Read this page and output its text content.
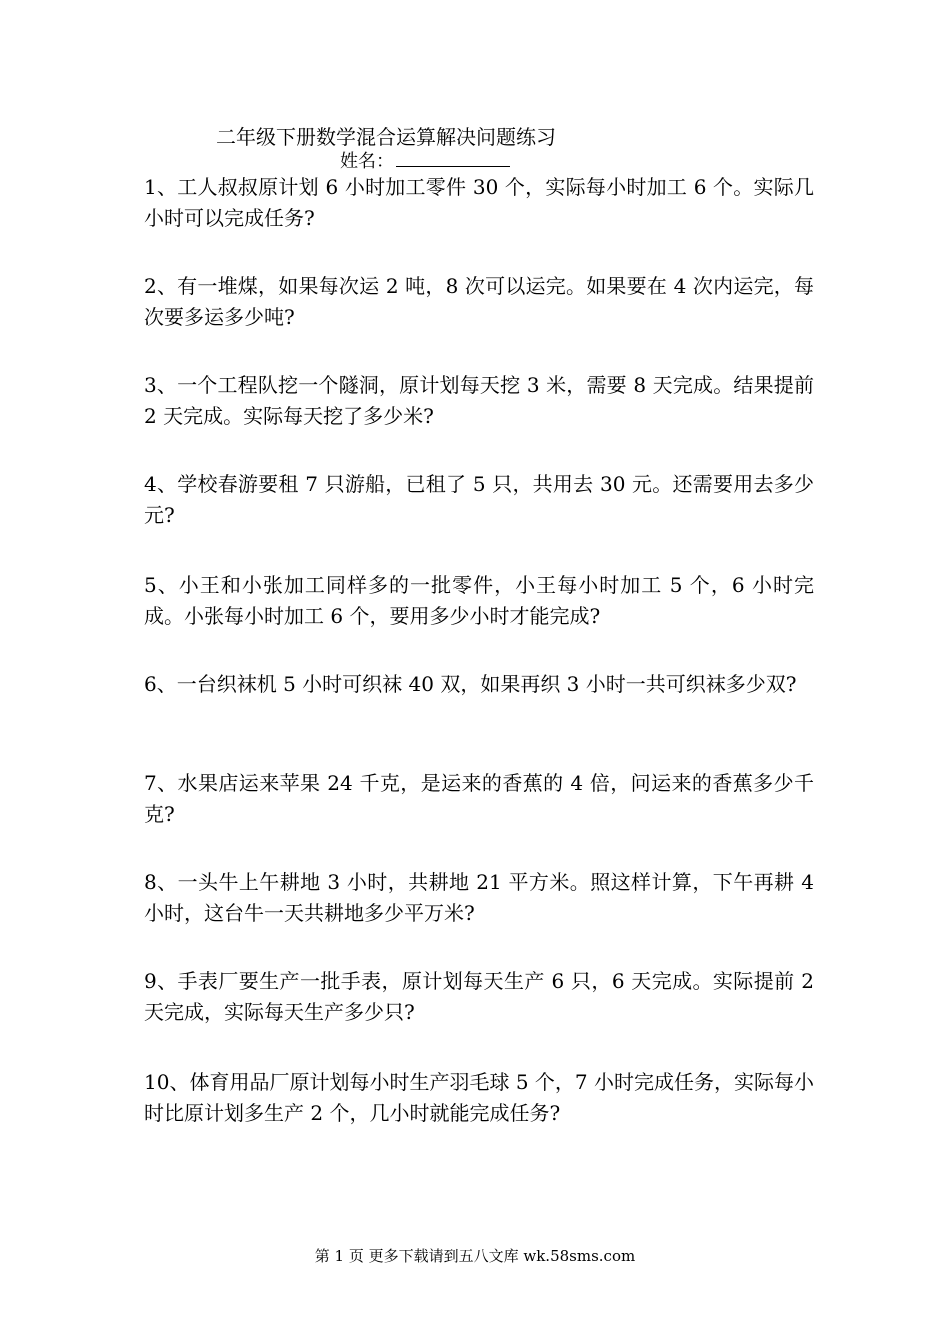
二年级下册数学混合运算解决问题练习
姓名：
1、工人叔叔原计划 6 小时加工零件 30 个，实际每小时加工 6 个。实际几小时可以完成任务?
2、有一堆煤，如果每次运 2 吨，8 次可以运完。如果要在 4 次内运完，每次要多运多少吨?
3、一个工程队挖一个隧洞，原计划每天挖 3 米，需要 8 天完成。结果提前 2 天完成。实际每天挖了多少米?
4、学校春游要租 7 只游船，已租了 5 只，共用去 30 元。还需要用去多少元?
5、小王和小张加工同样多的一批零件，小王每小时加工 5 个，6 小时完成。小张每小时加工 6 个，要用多少小时才能完成?
6、一台织袜机 5 小时可织袜 40 双，如果再织 3 小时一共可织袜多少双?
7、水果店运来苹果 24 千克，是运来的香蕉的 4 倍，问运来的香蕉多少千克?
8、一头牛上午耕地 3 小时，共耕地 21 平方米。照这样计算，下午再耕 4 小时，这台牛一天共耕地多少平万米?
9、手表厂要生产一批手表，原计划每天生产 6 只，6 天完成。实际提前 2 天完成，实际每天生产多少只?
10、体育用品厂原计划每小时生产羽毛球 5 个，7 小时完成任务，实际每小时比原计划多生产 2 个，几小时就能完成任务?
第 1 页 更多下载请到五八文库 wk.58sms.com
